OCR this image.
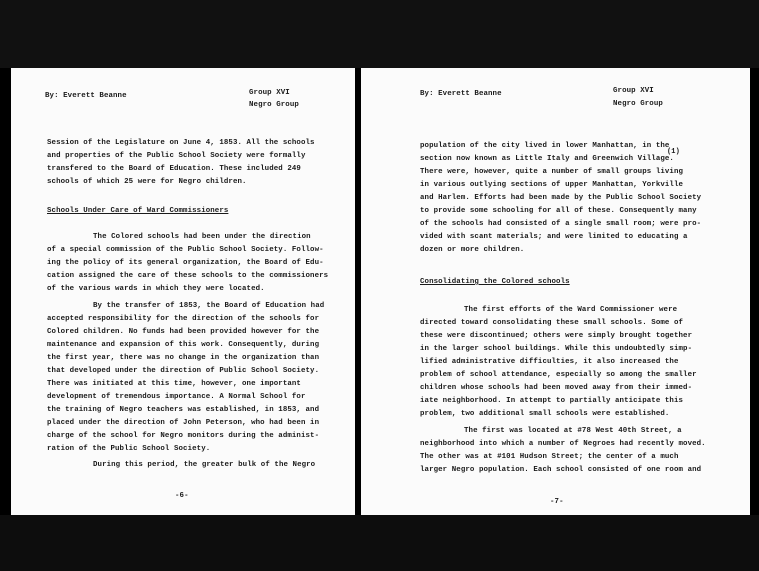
By: Everett Beanne	Group XVI
Negro Group
Session of the Legislature on June 4, 1853. All the schools
and properties of the Public School Society were formally
transfered to the Board of Education. These included 249
schools of which 25 were for Negro children.
Schools Under Care of Ward Commissioners
The Colored schools had been under the direction
of a special commission of the Public School Society. Follow-
ing the policy of its general organization, the Board of Edu-
cation assigned the care of these schools to the commissioners
of the various wards in which they were located.
By the transfer of 1853, the Board of Education had
accepted responsibility for the direction of the schools for
Colored children. No funds had been provided however for the
maintenance and expansion of this work. Consequently, during
the first year, there was no change in the organization than
that developed under the direction of Public School Society.
There was initiated at this time, however, one important
development of tremendous importance. A Normal School for
the training of Negro teachers was established, in 1853, and
placed under the direction of John Peterson, who had been in
charge of the school for Negro monitors during the administ-
ration of the Public School Society.
During this period, the greater bulk of the Negro
-6-
By: Everett Beanne	Group XVI
Negro Group
population of the city lived in lower Manhattan, in the
(1)
section now known as Little Italy and Greenwich Village.
There were, however, quite a number of small groups living
in various outlying sections of upper Manhattan, Yorkville
and Harlem. Efforts had been made by the Public School Society
to provide some schooling for all of these. Consequently many
of the schools had consisted of a single small room; were pro-
vided with scant materials; and were limited to educating a
dozen or more children.
Consolidating the Colored schools
The first efforts of the Ward Commissioner were
directed toward consolidating these small schools. Some of
these were discontinued; others were simply brought together
in the larger school buildings. While this undoubtedly simp-
lified administrative difficulties, it also increased the
problem of school attendance, especially so among the smaller
children whose schools had been moved away from their immed-
iate neighborhood. In attempt to partially anticipate this
problem, two additional small schools were established.
The first was located at #78 West 40th Street, a
neighborhood into which a number of Negroes had recently moved.
The other was at #101 Hudson Street; the center of a much
larger Negro population. Each school consisted of one room and
-7-
